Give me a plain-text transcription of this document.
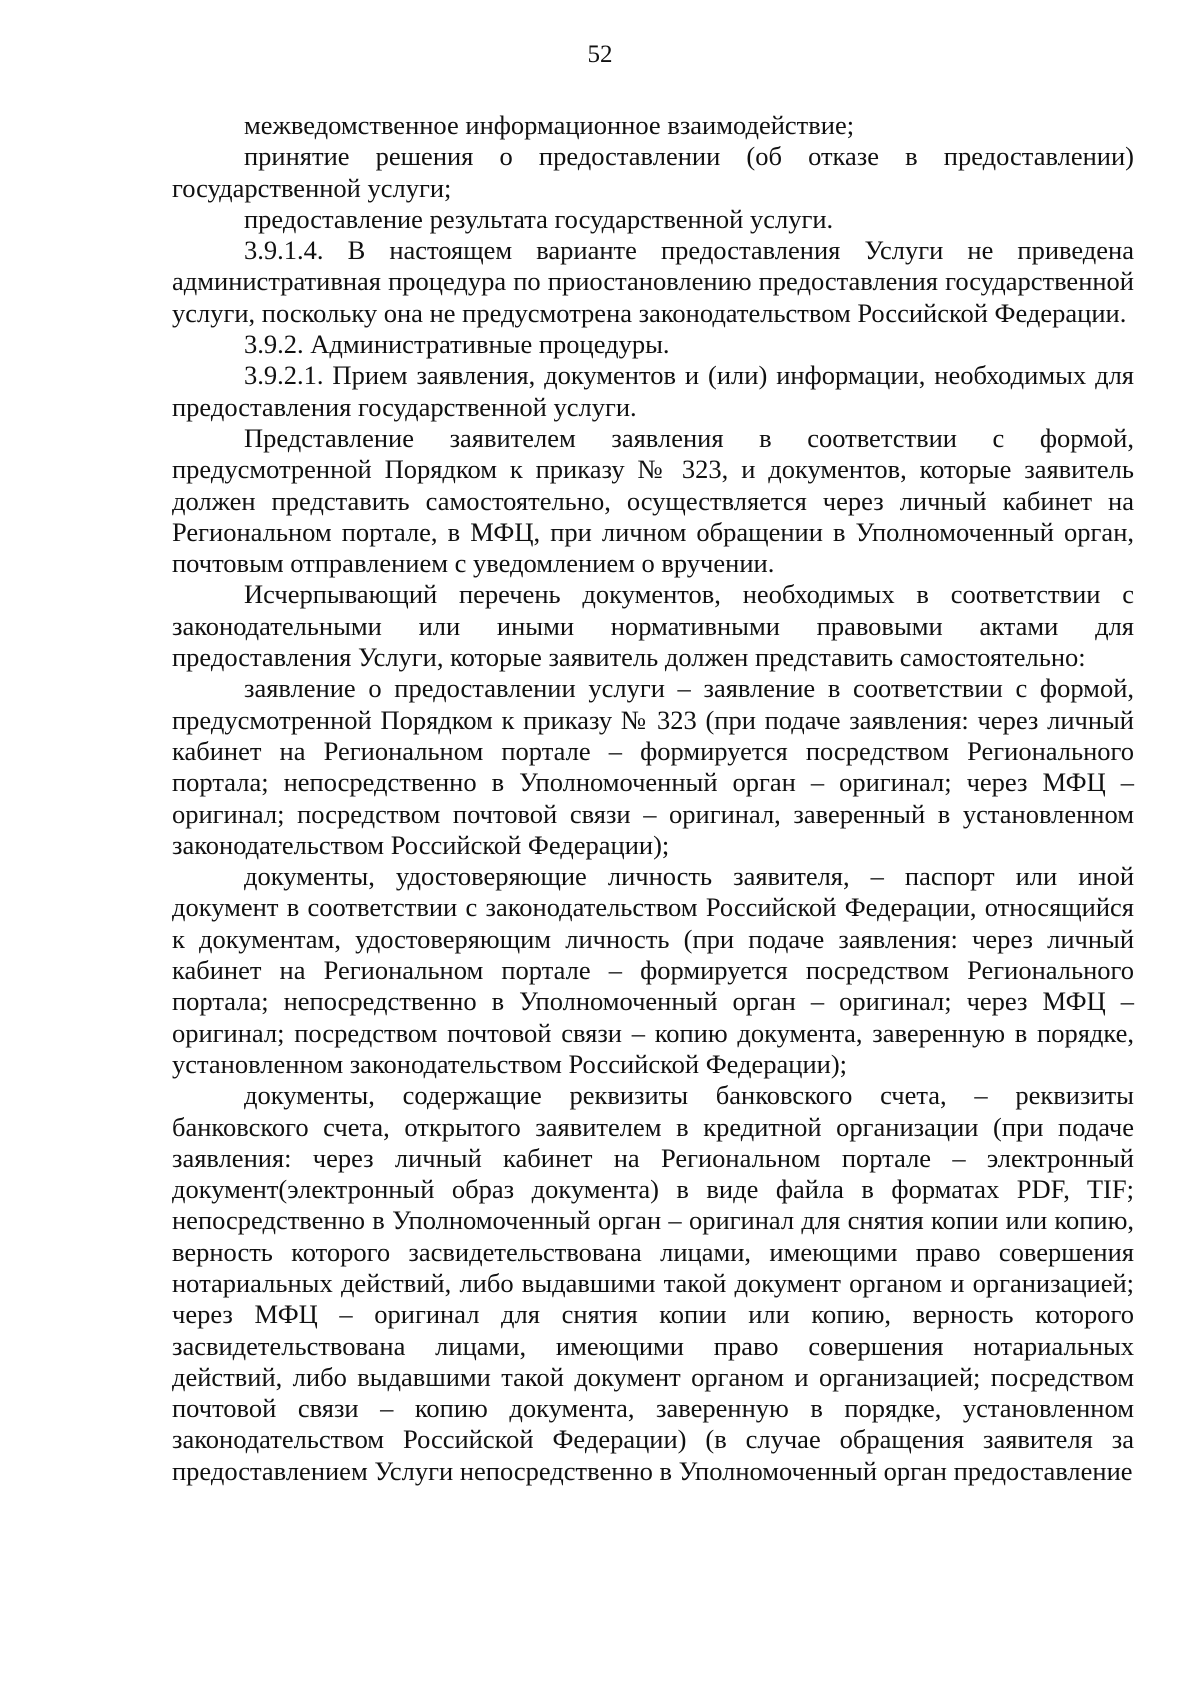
52

межведомственное информационное взаимодействие;

принятие решения о предоставлении (об отказе в предоставлении) государственной услуги;

предоставление результата государственной услуги.

3.9.1.4. В настоящем варианте предоставления Услуги не приведена административная процедура по приостановлению предоставления государственной услуги, поскольку она не предусмотрена законодательством Российской Федерации.

3.9.2. Административные процедуры.

3.9.2.1. Прием заявления, документов и (или) информации, необходимых для предоставления государственной услуги.

Представление заявителем заявления в соответствии с формой, предусмотренной Порядком к приказу № 323, и документов, которые заявитель должен представить самостоятельно, осуществляется через личный кабинет на Региональном портале, в МФЦ, при личном обращении в Уполномоченный орган, почтовым отправлением с уведомлением о вручении.

Исчерпывающий перечень документов, необходимых в соответствии с законодательными или иными нормативными правовыми актами для предоставления Услуги, которые заявитель должен представить самостоятельно:

заявление о предоставлении услуги – заявление в соответствии с формой, предусмотренной Порядком к приказу № 323 (при подаче заявления: через личный кабинет на Региональном портале – формируется посредством Регионального портала; непосредственно в Уполномоченный орган – оригинал; через МФЦ – оригинал; посредством почтовой связи – оригинал, заверенный в установленном законодательством Российской Федерации);

документы, удостоверяющие личность заявителя, – паспорт или иной документ в соответствии с законодательством Российской Федерации, относящийся к документам, удостоверяющим личность (при подаче заявления: через личный кабинет на Региональном портале – формируется посредством Регионального портала; непосредственно в Уполномоченный орган – оригинал; через МФЦ – оригинал; посредством почтовой связи – копию документа, заверенную в порядке, установленном законодательством Российской Федерации);

документы, содержащие реквизиты банковского счета, – реквизиты банковского счета, открытого заявителем в кредитной организации (при подаче заявления: через личный кабинет на Региональном портале – электронный документ(электронный образ документа) в виде файла в форматах PDF, TIF; непосредственно в Уполномоченный орган – оригинал для снятия копии или копию, верность которого засвидетельствована лицами, имеющими право совершения нотариальных действий, либо выдавшими такой документ органом и организацией; через МФЦ – оригинал для снятия копии или копию, верность которого засвидетельствована лицами, имеющими право совершения нотариальных действий, либо выдавшими такой документ органом и организацией; посредством почтовой связи – копию документа, заверенную в порядке, установленном законодательством Российской Федерации) (в случае обращения заявителя за предоставлением Услуги непосредственно в Уполномоченный орган предоставление
